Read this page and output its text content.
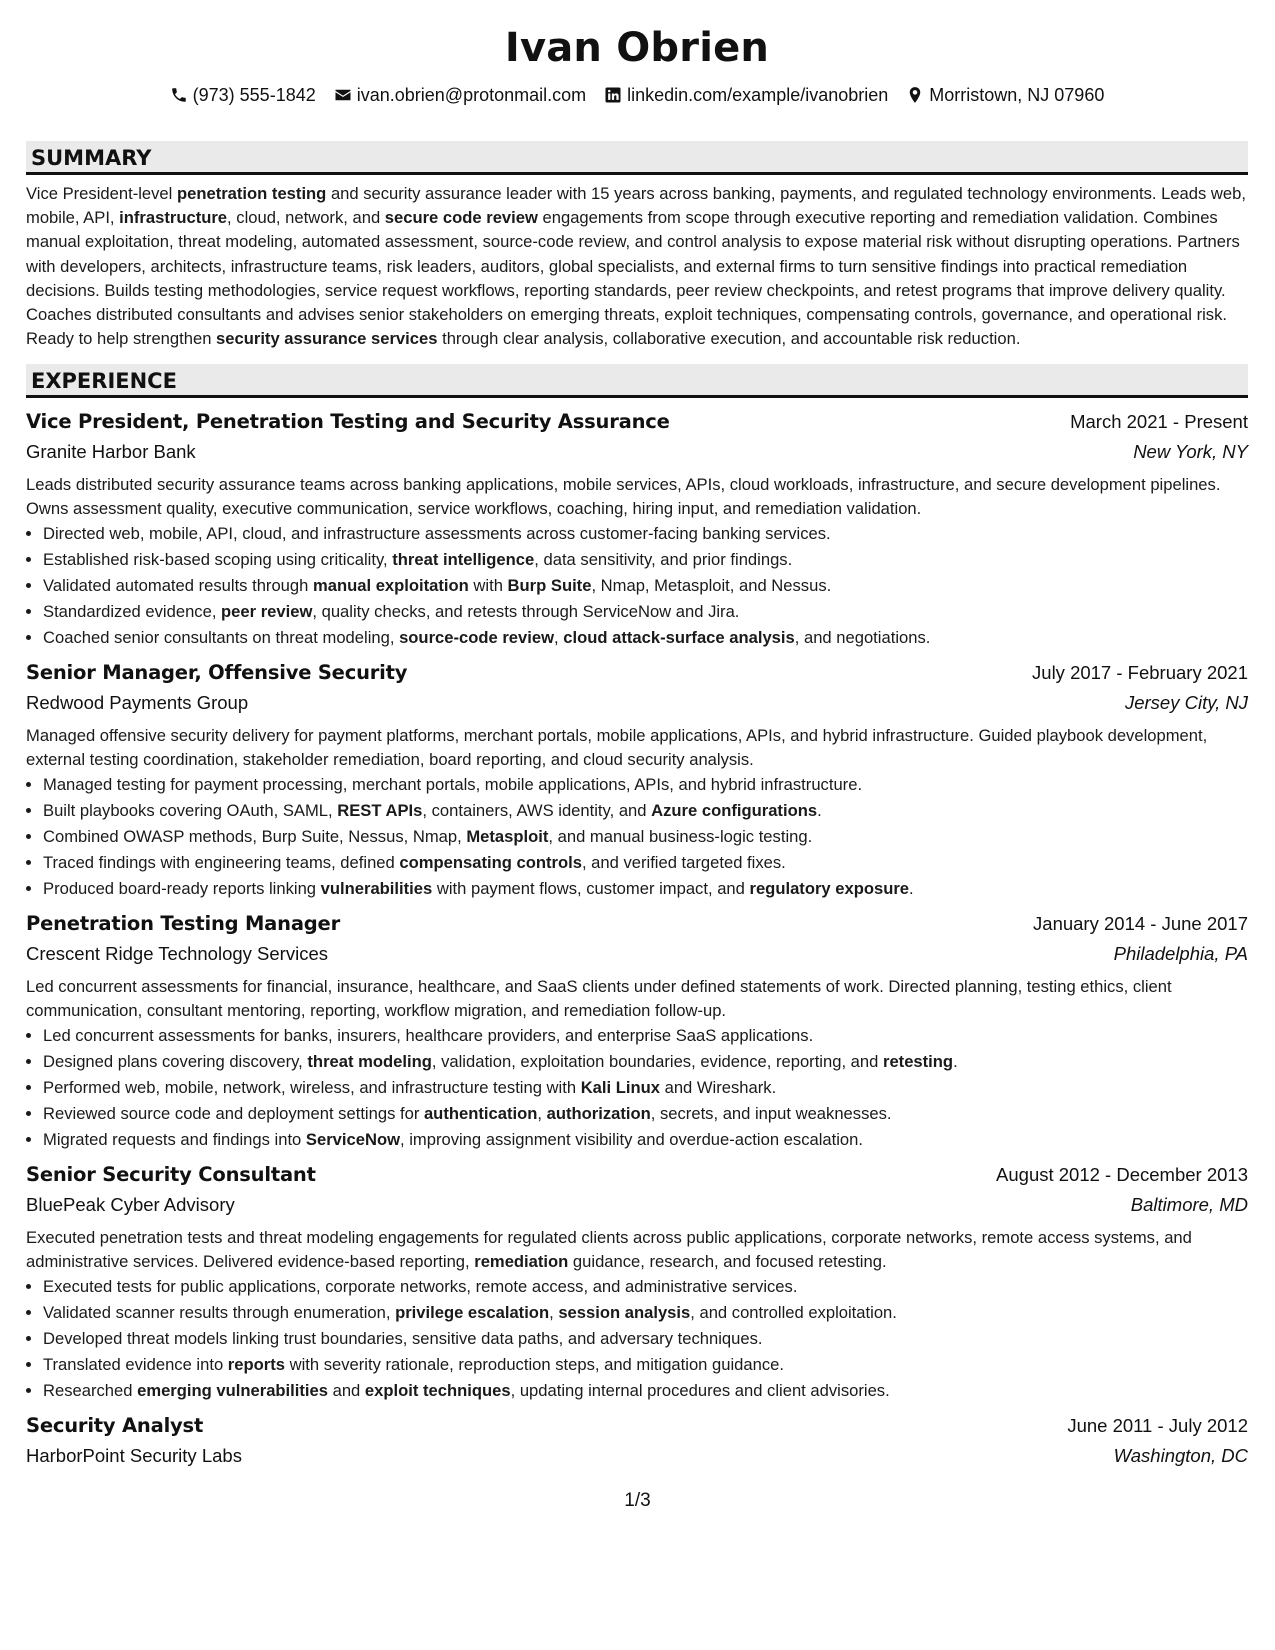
Ivan Obrien
(973) 555-1842 ivan.obrien@protonmail.com linkedin.com/example/ivanobrien Morristown, NJ 07960
SUMMARY

Vice President-level penetration testing and security assurance leader with 15 years across banking, payments, and regulated technology environments. Leads web, mobile, API, infrastructure, cloud, network, and secure code review engagements from scope through executive reporting and remediation validation. Combines manual exploitation, threat modeling, automated assessment, source-code review, and control analysis to expose material risk without disrupting operations. Partners with developers, architects, infrastructure teams, risk leaders, auditors, global specialists, and external firms to turn sensitive findings into practical remediation decisions. Builds testing methodologies, service request workflows, reporting standards, peer review checkpoints, and retest programs that improve delivery quality. Coaches distributed consultants and advises senior stakeholders on emerging threats, exploit techniques, compensating controls, governance, and operational risk. Ready to help strengthen security assurance services through clear analysis, collaborative execution, and accountable risk reduction.

EXPERIENCE
Vice President, Penetration Testing and Security Assurance	March 2021 - Present
Granite Harbor Bank	New York, NY
Leads distributed security assurance teams across banking applications, mobile services, APIs, cloud workloads, infrastructure, and secure development pipelines. Owns assessment quality, executive communication, service workflows, coaching, hiring input, and remediation validation.
• Directed web, mobile, API, cloud, and infrastructure assessments across customer-facing banking services.
• Established risk-based scoping using criticality, threat intelligence, data sensitivity, and prior findings.
• Validated automated results through manual exploitation with Burp Suite, Nmap, Metasploit, and Nessus.
• Standardized evidence, peer review, quality checks, and retests through ServiceNow and Jira.
• Coached senior consultants on threat modeling, source-code review, cloud attack-surface analysis, and negotiations.
Senior Manager, Offensive Security	July 2017 - February 2021
Redwood Payments Group	Jersey City, NJ
Managed offensive security delivery for payment platforms, merchant portals, mobile applications, APIs, and hybrid infrastructure. Guided playbook development, external testing coordination, stakeholder remediation, board reporting, and cloud security analysis.
• Managed testing for payment processing, merchant portals, mobile applications, APIs, and hybrid infrastructure.
• Built playbooks covering OAuth, SAML, REST APIs, containers, AWS identity, and Azure configurations.
• Combined OWASP methods, Burp Suite, Nessus, Nmap, Metasploit, and manual business-logic testing.
• Traced findings with engineering teams, defined compensating controls, and verified targeted fixes.
• Produced board-ready reports linking vulnerabilities with payment flows, customer impact, and regulatory exposure.
Penetration Testing Manager	January 2014 - June 2017
Crescent Ridge Technology Services	Philadelphia, PA
Led concurrent assessments for financial, insurance, healthcare, and SaaS clients under defined statements of work. Directed planning, testing ethics, client communication, consultant mentoring, reporting, workflow migration, and remediation follow-up.
• Led concurrent assessments for banks, insurers, healthcare providers, and enterprise SaaS applications.
• Designed plans covering discovery, threat modeling, validation, exploitation boundaries, evidence, reporting, and retesting.
• Performed web, mobile, network, wireless, and infrastructure testing with Kali Linux and Wireshark.
• Reviewed source code and deployment settings for authentication, authorization, secrets, and input weaknesses.
• Migrated requests and findings into ServiceNow, improving assignment visibility and overdue-action escalation.
Senior Security Consultant	August 2012 - December 2013
BluePeak Cyber Advisory	Baltimore, MD
Executed penetration tests and threat modeling engagements for regulated clients across public applications, corporate networks, remote access systems, and administrative services. Delivered evidence-based reporting, remediation guidance, research, and focused retesting.
• Executed tests for public applications, corporate networks, remote access, and administrative services.
• Validated scanner results through enumeration, privilege escalation, session analysis, and controlled exploitation.
• Developed threat models linking trust boundaries, sensitive data paths, and adversary techniques.
• Translated evidence into reports with severity rationale, reproduction steps, and mitigation guidance.
• Researched emerging vulnerabilities and exploit techniques, updating internal procedures and client advisories.
Security Analyst	June 2011 - July 2012
HarborPoint Security Labs	Washington, DC
1/3
